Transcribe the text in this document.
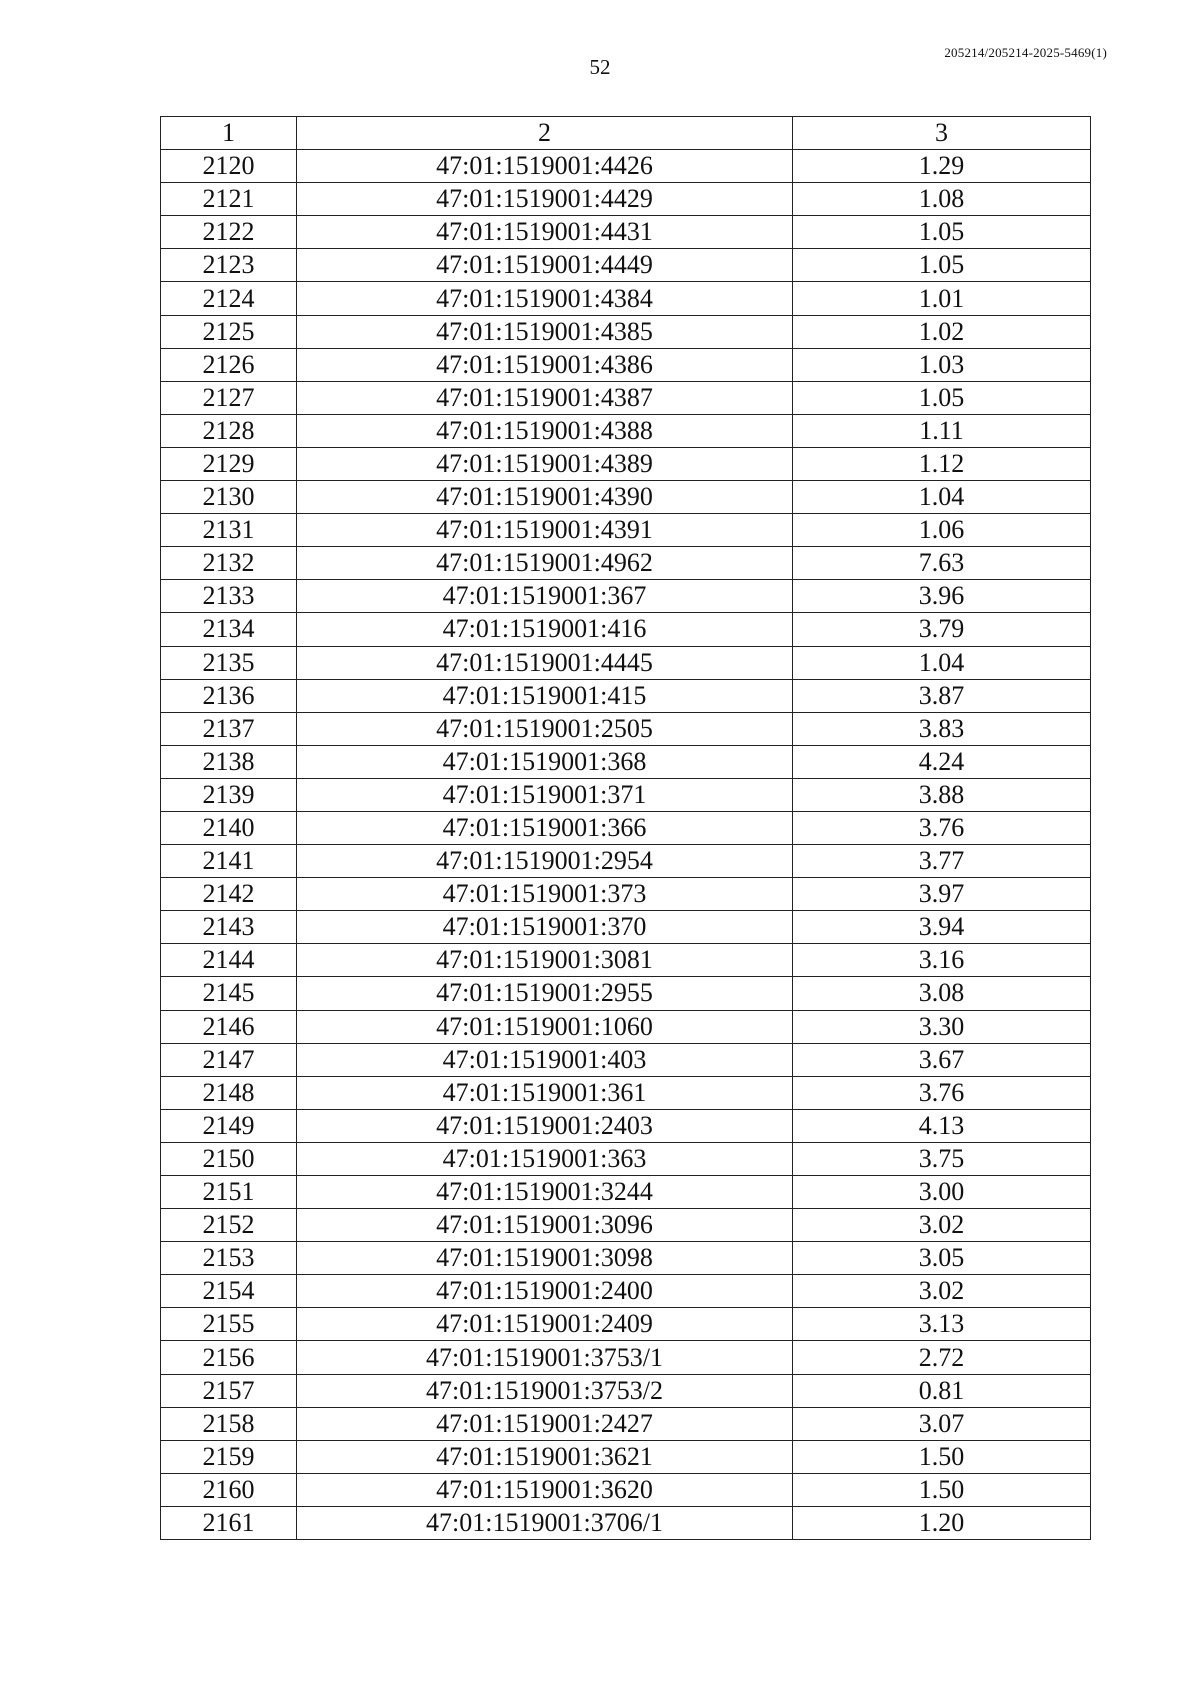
52
205214/205214-2025-5469(1)
1	2	3
2120	47:01:1519001:4426	1.29
2121	47:01:1519001:4429	1.08
2122	47:01:1519001:4431	1.05
2123	47:01:1519001:4449	1.05
2124	47:01:1519001:4384	1.01
2125	47:01:1519001:4385	1.02
2126	47:01:1519001:4386	1.03
2127	47:01:1519001:4387	1.05
2128	47:01:1519001:4388	1.11
2129	47:01:1519001:4389	1.12
2130	47:01:1519001:4390	1.04
2131	47:01:1519001:4391	1.06
2132	47:01:1519001:4962	7.63
2133	47:01:1519001:367	3.96
2134	47:01:1519001:416	3.79
2135	47:01:1519001:4445	1.04
2136	47:01:1519001:415	3.87
2137	47:01:1519001:2505	3.83
2138	47:01:1519001:368	4.24
2139	47:01:1519001:371	3.88
2140	47:01:1519001:366	3.76
2141	47:01:1519001:2954	3.77
2142	47:01:1519001:373	3.97
2143	47:01:1519001:370	3.94
2144	47:01:1519001:3081	3.16
2145	47:01:1519001:2955	3.08
2146	47:01:1519001:1060	3.30
2147	47:01:1519001:403	3.67
2148	47:01:1519001:361	3.76
2149	47:01:1519001:2403	4.13
2150	47:01:1519001:363	3.75
2151	47:01:1519001:3244	3.00
2152	47:01:1519001:3096	3.02
2153	47:01:1519001:3098	3.05
2154	47:01:1519001:2400	3.02
2155	47:01:1519001:2409	3.13
2156	47:01:1519001:3753/1	2.72
2157	47:01:1519001:3753/2	0.81
2158	47:01:1519001:2427	3.07
2159	47:01:1519001:3621	1.50
2160	47:01:1519001:3620	1.50
2161	47:01:1519001:3706/1	1.20
